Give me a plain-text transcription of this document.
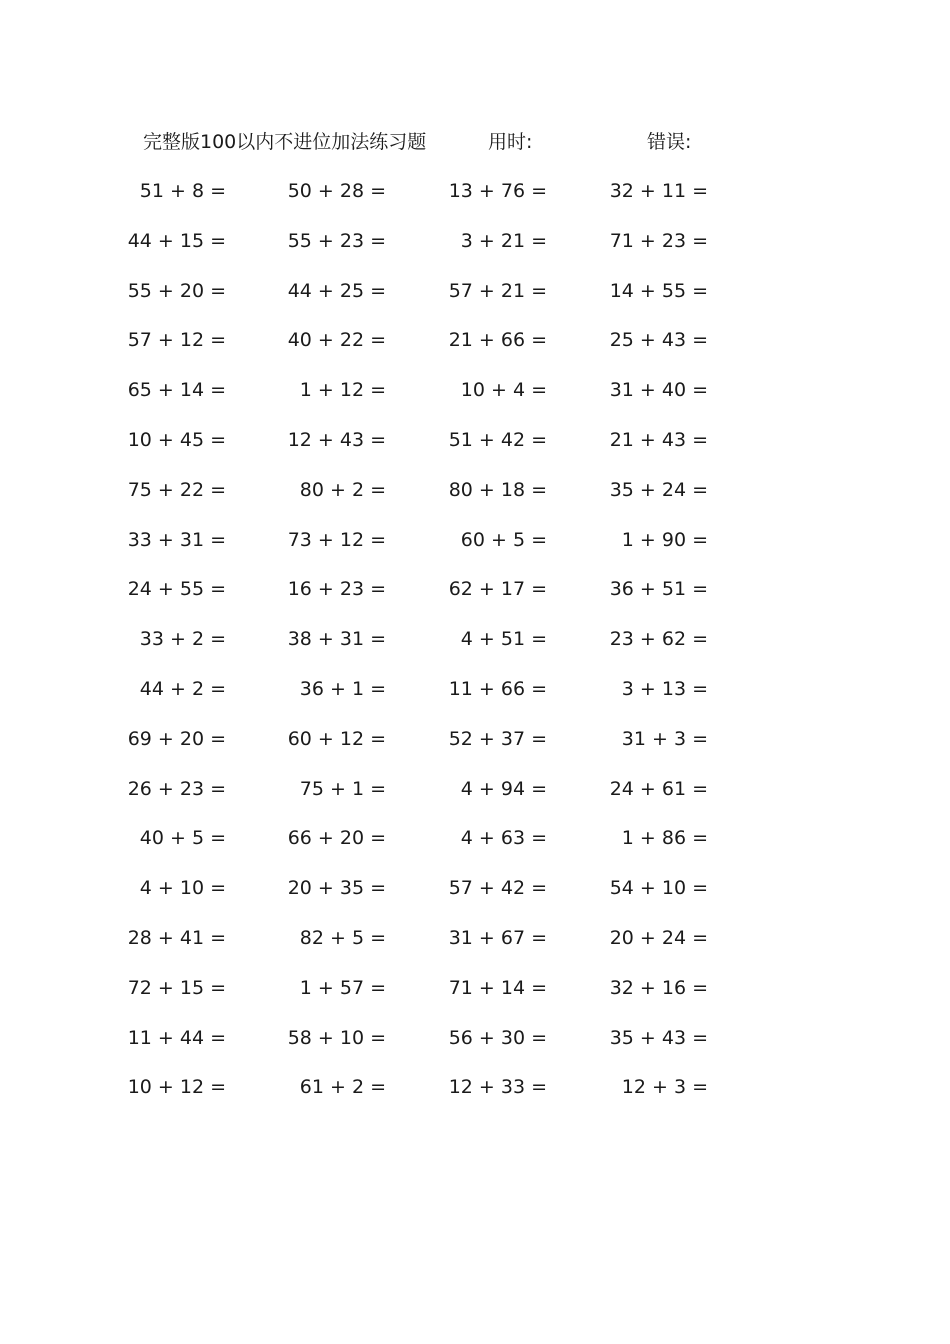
完整版100以内不进位加法练习题	用时:	错误:
51 + 8 =	50 + 28 =	13 + 76 =	32 + 11 =
44 + 15 =	55 + 23 =	3 + 21 =	71 + 23 =
55 + 20 =	44 + 25 =	57 + 21 =	14 + 55 =
57 + 12 =	40 + 22 =	21 + 66 =	25 + 43 =
65 + 14 =	1 + 12 =	10 + 4 =	31 + 40 =
10 + 45 =	12 + 43 =	51 + 42 =	21 + 43 =
75 + 22 =	80 + 2 =	80 + 18 =	35 + 24 =
33 + 31 =	73 + 12 =	60 + 5 =	1 + 90 =
24 + 55 =	16 + 23 =	62 + 17 =	36 + 51 =
33 + 2 =	38 + 31 =	4 + 51 =	23 + 62 =
44 + 2 =	36 + 1 =	11 + 66 =	3 + 13 =
69 + 20 =	60 + 12 =	52 + 37 =	31 + 3 =
26 + 23 =	75 + 1 =	4 + 94 =	24 + 61 =
40 + 5 =	66 + 20 =	4 + 63 =	1 + 86 =
4 + 10 =	20 + 35 =	57 + 42 =	54 + 10 =
28 + 41 =	82 + 5 =	31 + 67 =	20 + 24 =
72 + 15 =	1 + 57 =	71 + 14 =	32 + 16 =
11 + 44 =	58 + 10 =	56 + 30 =	35 + 43 =
10 + 12 =	61 + 2 =	12 + 33 =	12 + 3 =
